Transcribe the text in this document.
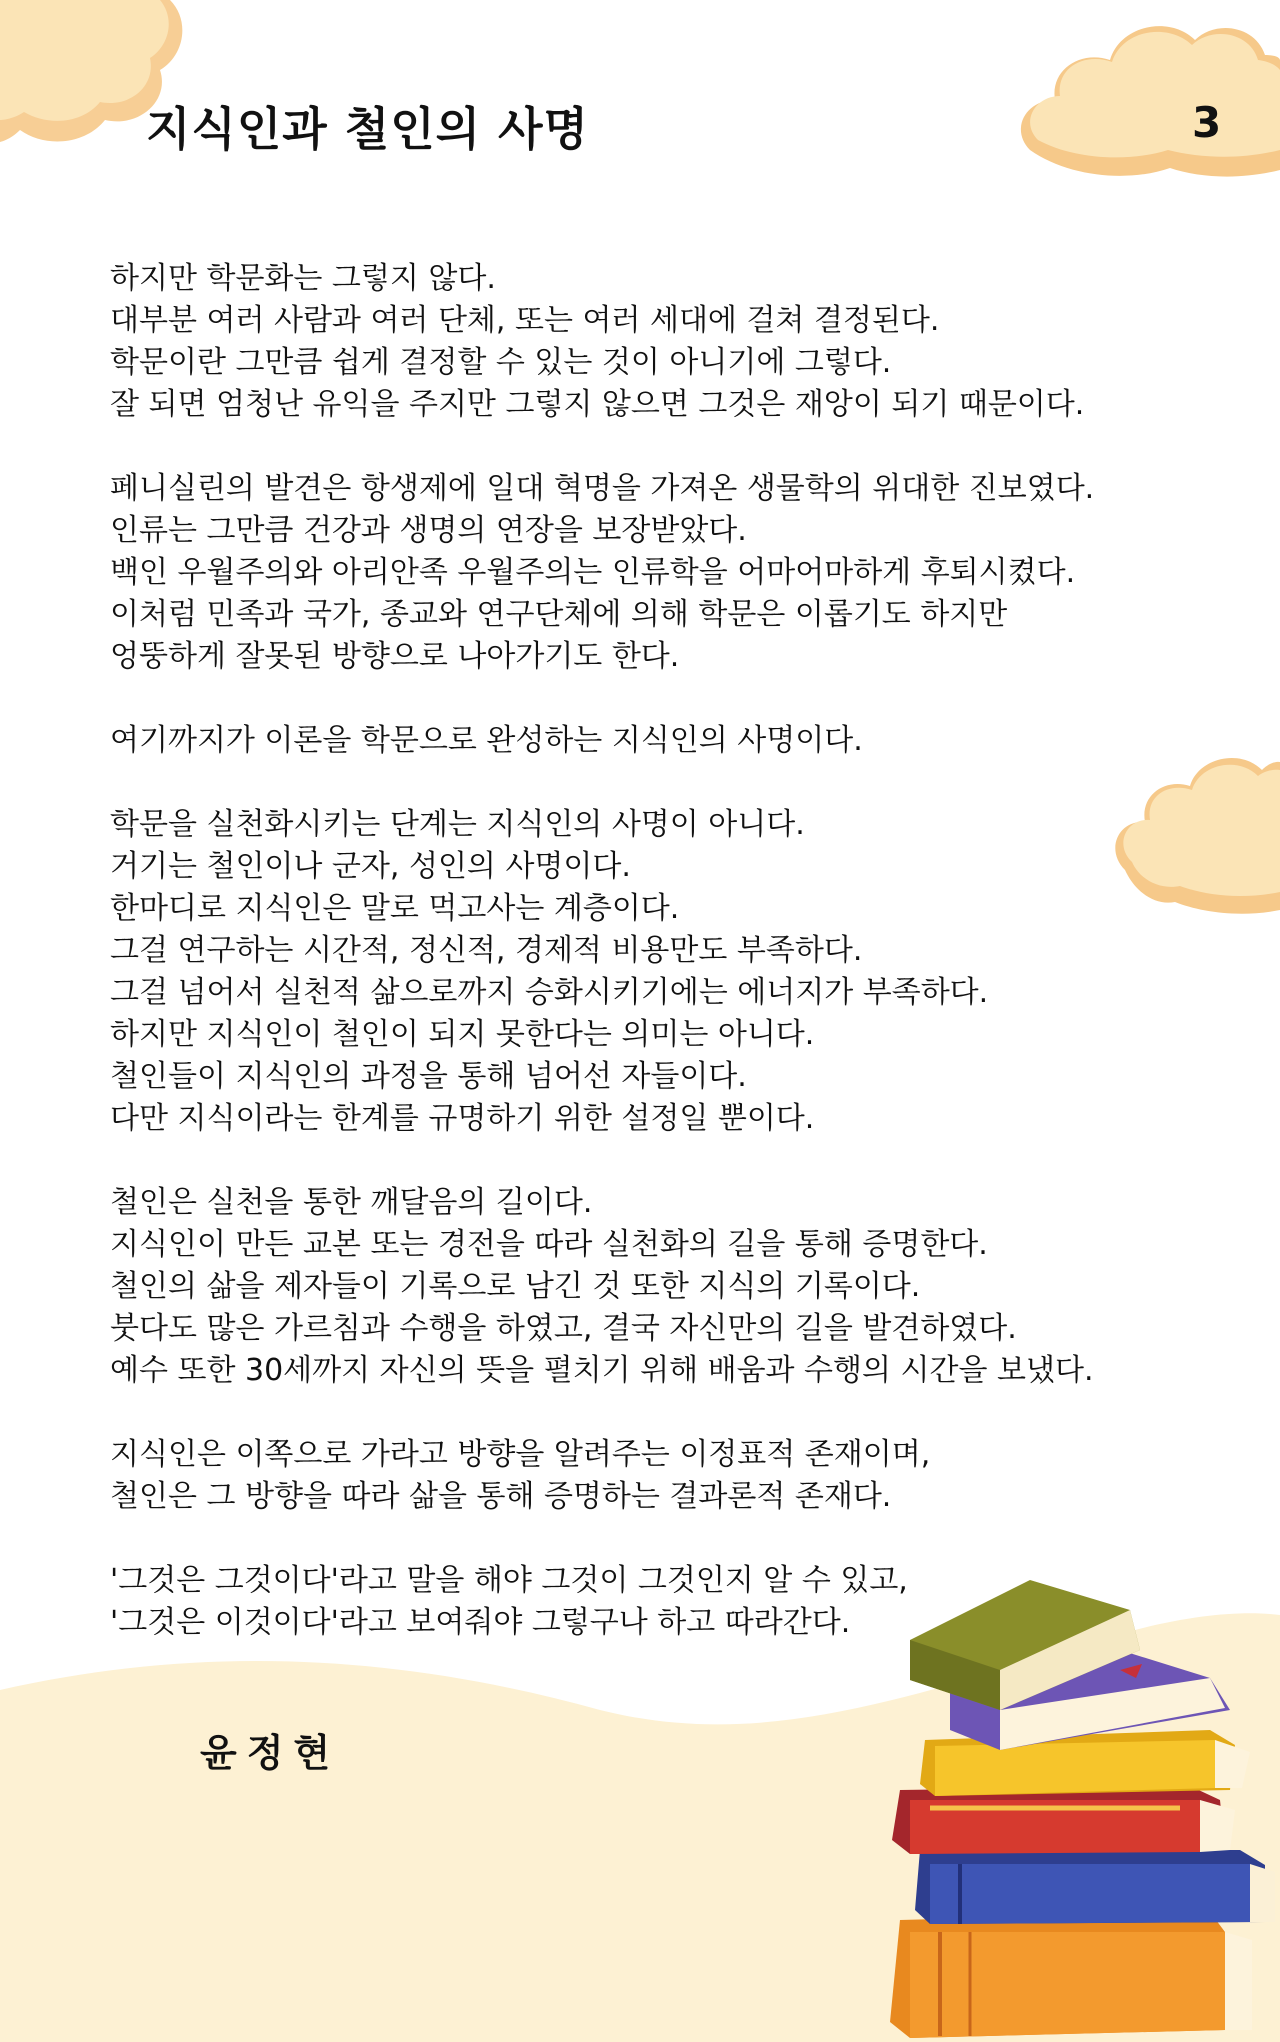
지식인과 철인의 사명	3

하지만 학문화는 그렇지 않다.
대부분 여러 사람과 여러 단체, 또는 여러 세대에 걸쳐 결정된다.
학문이란 그만큼 쉽게 결정할 수 있는 것이 아니기에 그렇다.
잘 되면 엄청난 유익을 주지만 그렇지 않으면 그것은 재앙이 되기 때문이다.

페니실린의 발견은 항생제에 일대 혁명을 가져온 생물학의 위대한 진보였다.
인류는 그만큼 건강과 생명의 연장을 보장받았다.
백인 우월주의와 아리안족 우월주의는 인류학을 어마어마하게 후퇴시켰다.
이처럼 민족과 국가, 종교와 연구단체에 의해 학문은 이롭기도 하지만
엉뚱하게 잘못된 방향으로 나아가기도 한다.

여기까지가 이론을 학문으로 완성하는 지식인의 사명이다.

학문을 실천화시키는 단계는 지식인의 사명이 아니다.
거기는 철인이나 군자, 성인의 사명이다.
한마디로 지식인은 말로 먹고사는 계층이다.
그걸 연구하는 시간적, 정신적, 경제적 비용만도 부족하다.
그걸 넘어서 실천적 삶으로까지 승화시키기에는 에너지가 부족하다.
하지만 지식인이 철인이 되지 못한다는 의미는 아니다.
철인들이 지식인의 과정을 통해 넘어선 자들이다.
다만 지식이라는 한계를 규명하기 위한 설정일 뿐이다.

철인은 실천을 통한 깨달음의 길이다.
지식인이 만든 교본 또는 경전을 따라 실천화의 길을 통해 증명한다.
철인의 삶을 제자들이 기록으로 남긴 것 또한 지식의 기록이다.
붓다도 많은 가르침과 수행을 하였고, 결국 자신만의 길을 발견하였다.
예수 또한 30세까지 자신의 뜻을 펼치기 위해 배움과 수행의 시간을 보냈다.

지식인은 이쪽으로 가라고 방향을 알려주는 이정표적 존재이며,
철인은 그 방향을 따라 삶을 통해 증명하는 결과론적 존재다.

'그것은 그것이다'라고 말을 해야 그것이 그것인지 알 수 있고,
'그것은 이것이다'라고 보여줘야 그렇구나 하고 따라간다.

윤정현
